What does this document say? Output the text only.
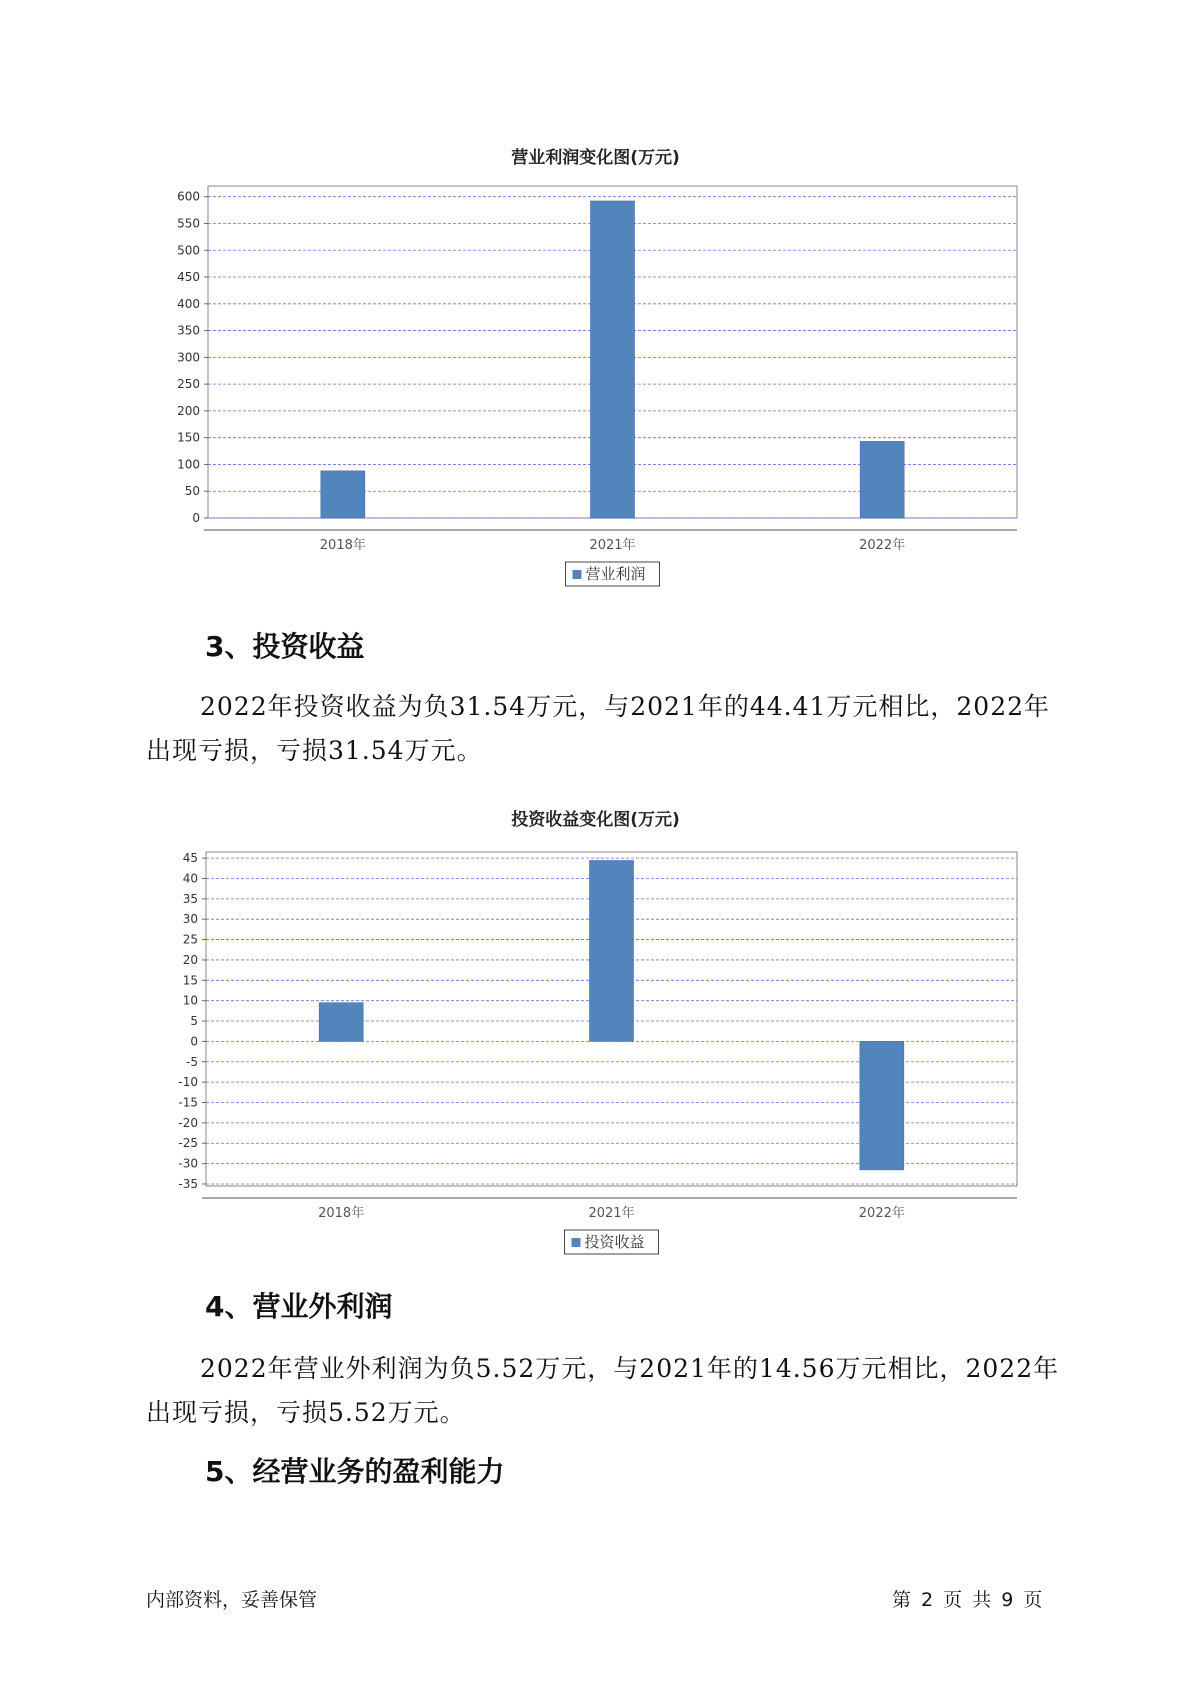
营业利润变化图(万元)
0
50
100
150
200
250
300
350
400
450
500
550
600
2018年	2021年	2022年
营业利润
3、投资收益
2022年投资收益为负31.54万元，与2021年的44.41万元相比，2022年出现亏损，亏损31.54万元。
投资收益变化图(万元)
-35
-30
-25
-20
-15
-10
-5
0
5
10
15
20
25
30
35
40
45
2018年	2021年	2022年
投资收益
4、营业外利润
2022年营业外利润为负5.52万元，与2021年的14.56万元相比，2022年出现亏损，亏损5.52万元。
5、经营业务的盈利能力
内部资料，妥善保管	第 2 页 共 9 页
